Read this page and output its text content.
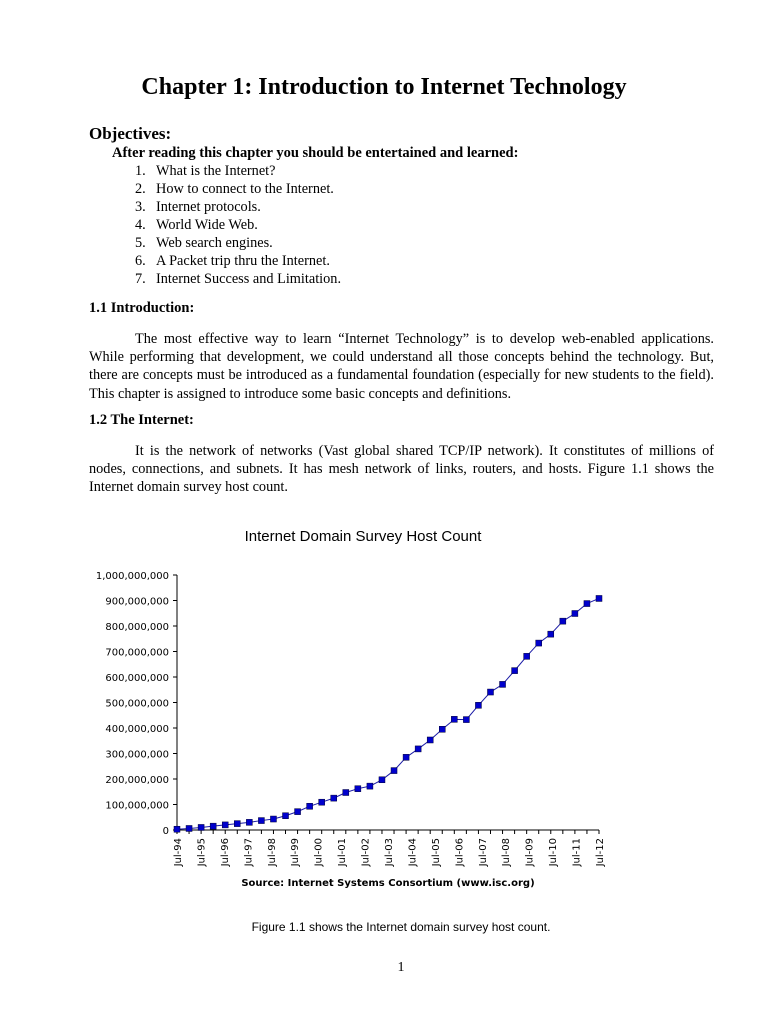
Chapter 1: Introduction to Internet Technology

Objectives:

After reading this chapter you should be entertained and learned:

1. What is the Internet?
2. How to connect to the Internet.
3. Internet protocols.
4. World Wide Web.
5. Web search engines.
6. A Packet trip thru the Internet.
7. Internet Success and Limitation.

1.1 Introduction:

The most effective way to learn “Internet Technology” is to develop web-enabled applications. While performing that development, we could understand all those concepts behind the technology. But, there are concepts must be introduced as a fundamental foundation (especially for new students to the field). This chapter is assigned to introduce some basic concepts and definitions.

1.2 The Internet:

It is the network of networks (Vast global shared TCP/IP network). It constitutes of millions of nodes, connections, and subnets. It has mesh network of links, routers, and hosts. Figure 1.1 shows the Internet domain survey host count.

Internet Domain Survey Host Count
0
100,000,000
200,000,000
300,000,000
400,000,000
500,000,000
600,000,000
700,000,000
800,000,000
900,000,000
1,000,000,000
Jul-94 Jul-95 Jul-96 Jul-97 Jul-98 Jul-99 Jul-00 Jul-01 Jul-02 Jul-03 Jul-04 Jul-05 Jul-06 Jul-07 Jul-08 Jul-09 Jul-10 Jul-11 Jul-12
Source: Internet Systems Consortium (www.isc.org)

Figure 1.1 shows the Internet domain survey host count.

1
